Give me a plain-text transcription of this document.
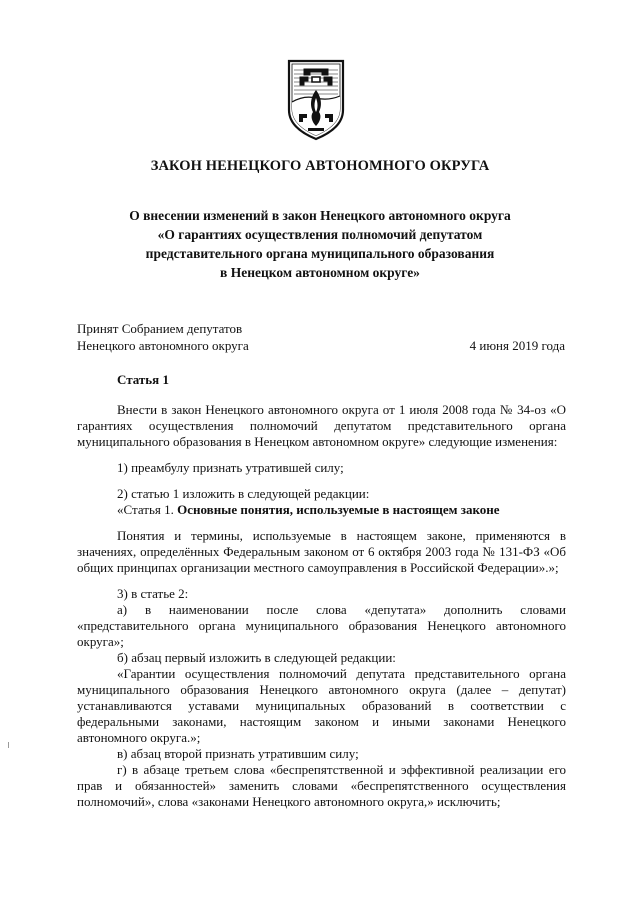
ЗАКОН НЕНЕЦКОГО АВТОНОМНОГО ОКРУГА
О внесении изменений в закон Ненецкого автономного округа
«О гарантиях осуществления полномочий депутатом
представительного органа муниципального образования
в Ненецком автономном округе»
Принят Собранием депутатов
Ненецкого автономного округа	4 июня 2019 года
Статья 1

Внести в закон Ненецкого автономного округа от 1 июля 2008 года № 34-оз «О гарантиях осуществления полномочий депутатом представительного органа муниципального образования в Ненецком автономном округе» следующие изменения:

1) преамбулу признать утратившей силу;

2) статью 1 изложить в следующей редакции:

«Статья 1. Основные понятия, используемые в настоящем законе

Понятия и термины, используемые в настоящем законе, применяются в значениях, определённых Федеральным законом от 6 октября 2003 года № 131-ФЗ «Об общих принципах организации местного самоуправления в Российской Федерации».»;

3) в статье 2:

а) в наименовании после слова «депутата» дополнить словами «представительного органа муниципального образования Ненецкого автономного округа»;

б) абзац первый изложить в следующей редакции:

«Гарантии осуществления полномочий депутата представительного органа муниципального образования Ненецкого автономного округа (далее – депутат) устанавливаются уставами муниципальных образований в соответствии с федеральными законами, настоящим законом и иными законами Ненецкого автономного округа.»;

в) абзац второй признать утратившим силу;

г) в абзаце третьем слова «беспрепятственной и эффективной реализации его прав и обязанностей» заменить словами «беспрепятственного осуществления полномочий», слова «законами Ненецкого автономного округа,» исключить;
